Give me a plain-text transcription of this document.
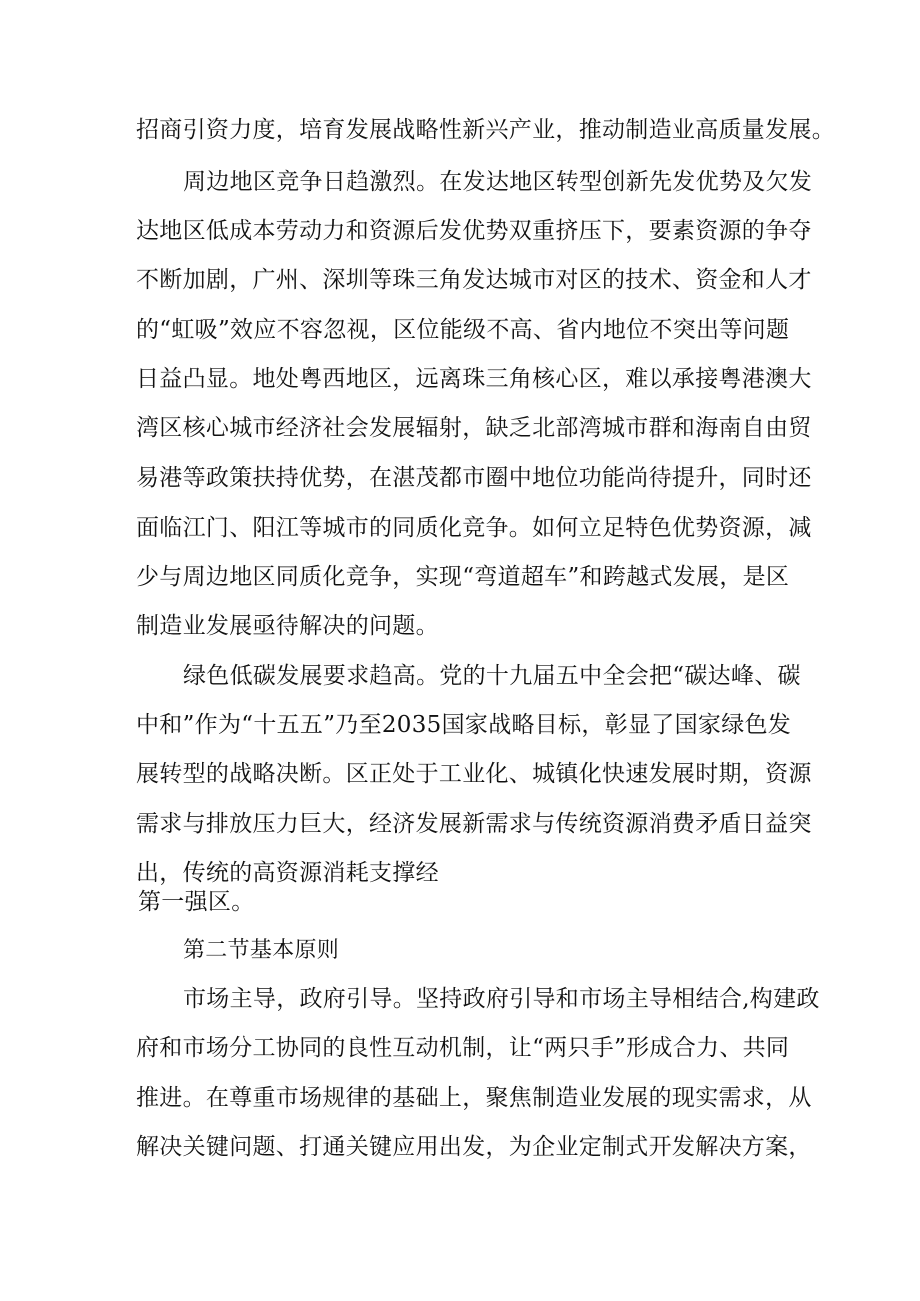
招商引资力度，培育发展战略性新兴产业，推动制造业高质量发展。
周边地区竞争日趋激烈。在发达地区转型创新先发优势及欠发
达地区低成本劳动力和资源后发优势双重挤压下，要素资源的争夺
不断加剧，广州、深圳等珠三角发达城市对区的技术、资金和人才
的“虹吸”效应不容忽视，区位能级不高、省内地位不突出等问题
日益凸显。地处粤西地区，远离珠三角核心区，难以承接粤港澳大
湾区核心城市经济社会发展辐射，缺乏北部湾城市群和海南自由贸
易港等政策扶持优势，在湛茂都市圈中地位功能尚待提升，同时还
面临江门、阳江等城市的同质化竞争。如何立足特色优势资源，减
少与周边地区同质化竞争，实现“弯道超车”和跨越式发展，是区
制造业发展亟待解决的问题。
绿色低碳发展要求趋高。党的十九届五中全会把“碳达峰、碳
中和”作为“十五五”乃至2035国家战略目标，彰显了国家绿色发
展转型的战略决断。区正处于工业化、城镇化快速发展时期，资源
需求与排放压力巨大，经济发展新需求与传统资源消费矛盾日益突
出，传统的高资源消耗支撑经
第一强区。
第二节基本原则
市场主导，政府引导。坚持政府引导和市场主导相结合,构建政
府和市场分工协同的良性互动机制，让“两只手”形成合力、共同
推进。在尊重市场规律的基础上，聚焦制造业发展的现实需求，从
解决关键问题、打通关键应用出发，为企业定制式开发解决方案，
